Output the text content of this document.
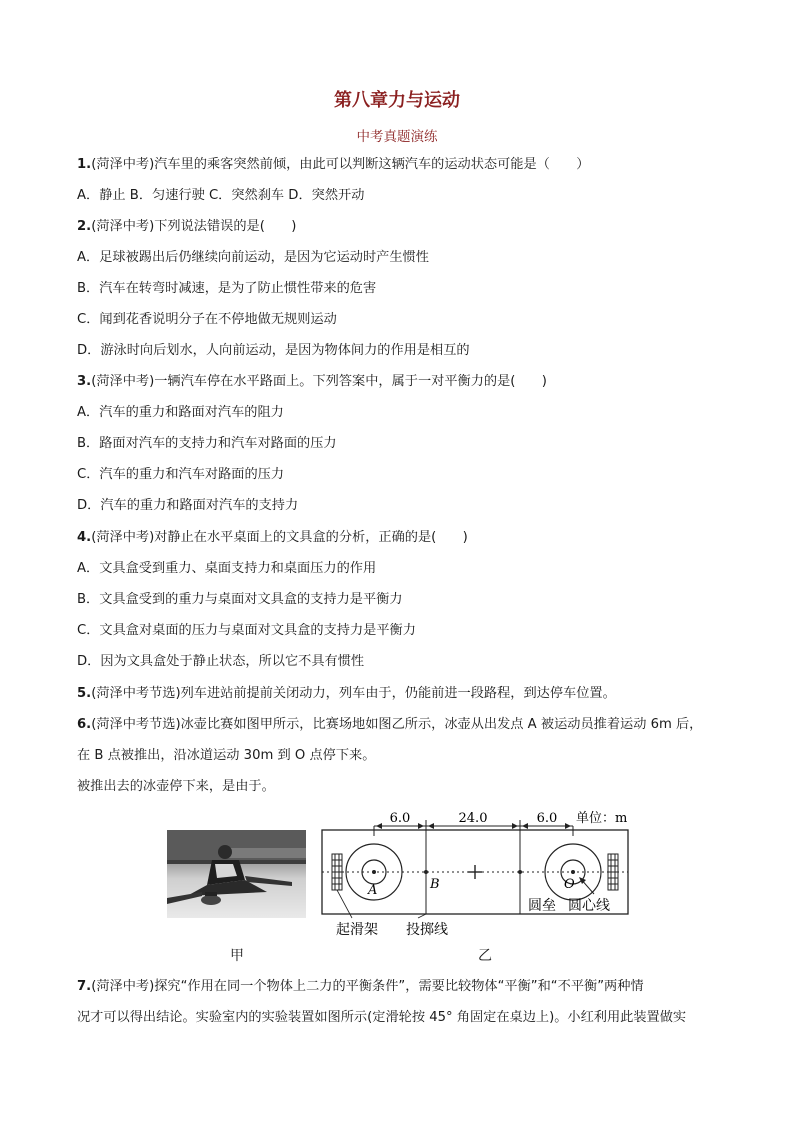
第八章力与运动
中考真题演练
1.(菏泽中考)汽车里的乘客突然前倾，由此可以判断这辆汽车的运动状态可能是（　　）
A．静止 B．匀速行驶 C．突然刹车 D．突然开动
2.(菏泽中考)下列说法错误的是(　　)
A．足球被踢出后仍继续向前运动，是因为它运动时产生惯性
B．汽车在转弯时减速，是为了防止惯性带来的危害
C．闻到花香说明分子在不停地做无规则运动
D．游泳时向后划水，人向前运动，是因为物体间力的作用是相互的
3.(菏泽中考)一辆汽车停在水平路面上。下列答案中，属于一对平衡力的是(　　)
A．汽车的重力和路面对汽车的阻力
B．路面对汽车的支持力和汽车对路面的压力
C．汽车的重力和汽车对路面的压力
D．汽车的重力和路面对汽车的支持力
4.(菏泽中考)对静止在水平桌面上的文具盒的分析，正确的是(　　)
A．文具盒受到重力、桌面支持力和桌面压力的作用
B．文具盒受到的重力与桌面对文具盒的支持力是平衡力
C．文具盒对桌面的压力与桌面对文具盒的支持力是平衡力
D．因为文具盒处于静止状态，所以它不具有惯性
5.(菏泽中考节选)列车进站前提前关闭动力，列车由于，仍能前进一段路程，到达停车位置。
6.(菏泽中考节选)冰壶比赛如图甲所示，比赛场地如图乙所示，冰壶从出发点 A 被运动员推着运动 6m 后，
在 B 点被推出，沿冰道运动 30m 到 O 点停下来。
被推出去的冰壶停下来，是由于。
7.(菏泽中考)探究“作用在同一个物体上二力的平衡条件”，需要比较物体“平衡”和“不平衡”两种情
况才可以得出结论。实验室内的实验装置如图所示(定滑轮按 45° 角固定在桌边上)。小红利用此装置做实
6.0	24.0	6.0 单位：m
A	B	O
圆垒 圆心线
起滑架 投掷线
甲	乙
